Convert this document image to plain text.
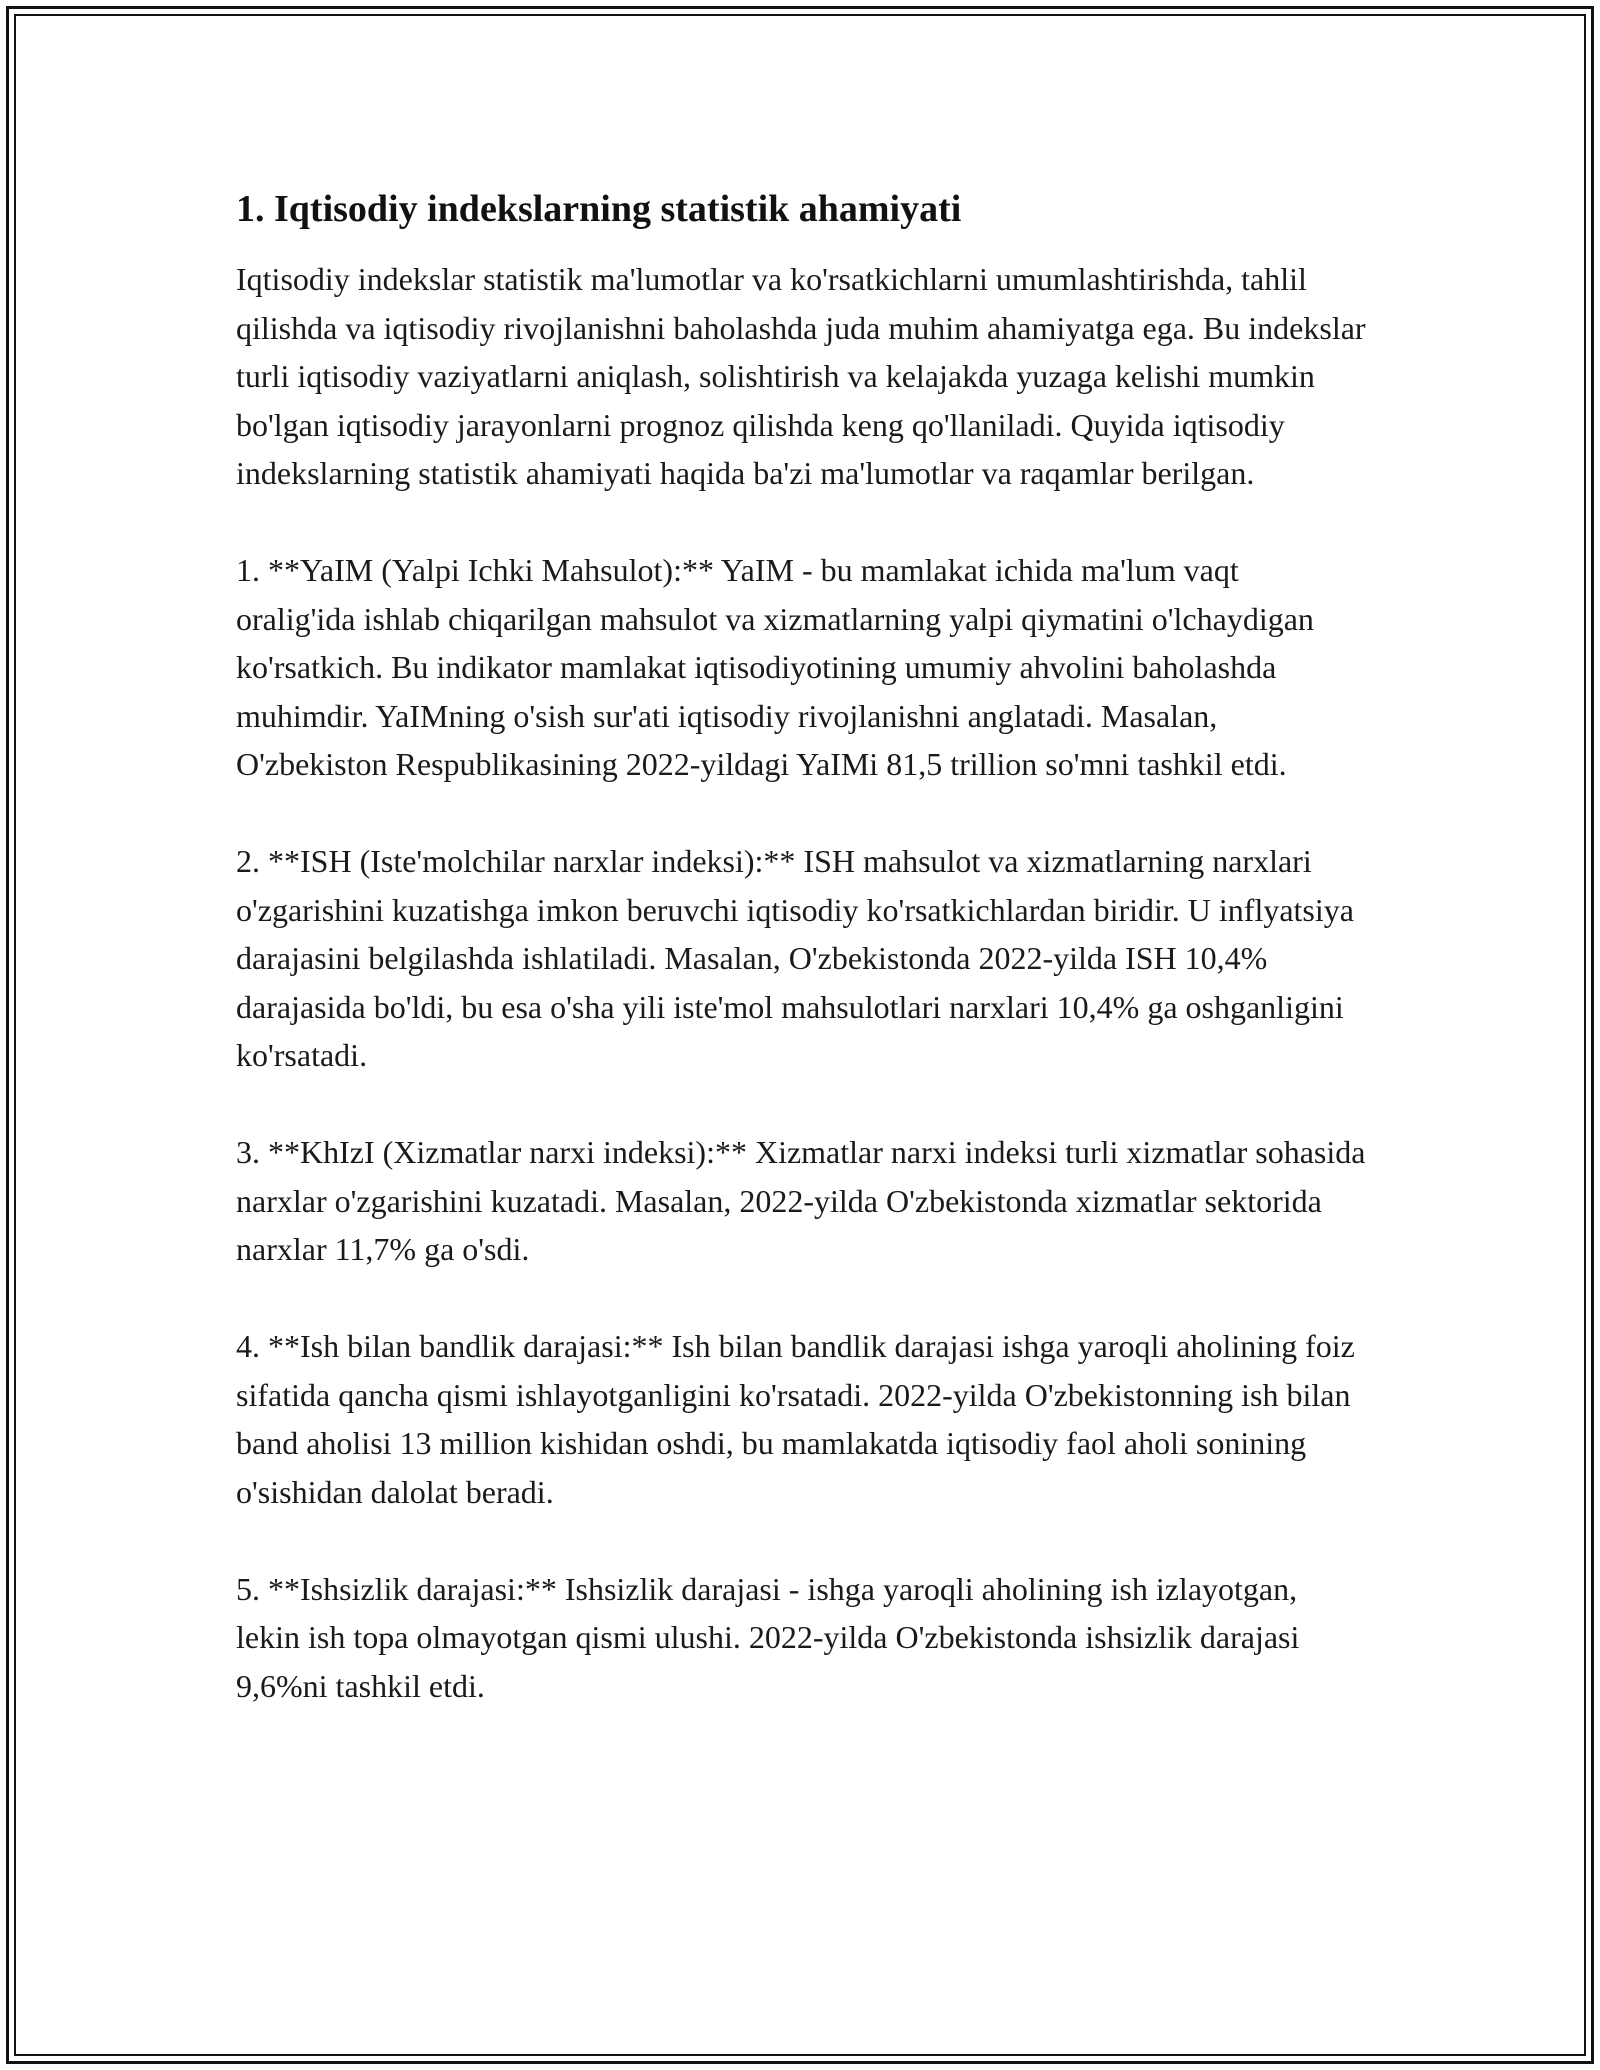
1. Iqtisodiy indekslarning statistik ahamiyati

Iqtisodiy indekslar statistik ma'lumotlar va ko'rsatkichlarni umumlashtirishda, tahlil qilishda va iqtisodiy rivojlanishni baholashda juda muhim ahamiyatga ega. Bu indekslar turli iqtisodiy vaziyatlarni aniqlash, solishtirish va kelajakda yuzaga kelishi mumkin bo'lgan iqtisodiy jarayonlarni prognoz qilishda keng qo'llaniladi. Quyida iqtisodiy indekslarning statistik ahamiyati haqida ba'zi ma'lumotlar va raqamlar berilgan.

1. **YaIM (Yalpi Ichki Mahsulot):** YaIM - bu mamlakat ichida ma'lum vaqt oralig'ida ishlab chiqarilgan mahsulot va xizmatlarning yalpi qiymatini o'lchaydigan ko'rsatkich. Bu indikator mamlakat iqtisodiyotining umumiy ahvolini baholashda muhimdir. YaIMning o'sish sur'ati iqtisodiy rivojlanishni anglatadi. Masalan, O'zbekiston Respublikasining 2022-yildagi YaIMi 81,5 trillion so'mni tashkil etdi.

2. **ISH (Iste'molchilar narxlar indeksi):** ISH mahsulot va xizmatlarning narxlari o'zgarishini kuzatishga imkon beruvchi iqtisodiy ko'rsatkichlardan biridir. U inflyatsiya darajasini belgilashda ishlatiladi. Masalan, O'zbekistonda 2022-yilda ISH 10,4% darajasida bo'ldi, bu esa o'sha yili iste'mol mahsulotlari narxlari 10,4% ga oshganligini ko'rsatadi.

3. **KhIzI (Xizmatlar narxi indeksi):** Xizmatlar narxi indeksi turli xizmatlar sohasida narxlar o'zgarishini kuzatadi. Masalan, 2022-yilda O'zbekistonda xizmatlar sektorida narxlar 11,7% ga o'sdi.

4. **Ish bilan bandlik darajasi:** Ish bilan bandlik darajasi ishga yaroqli aholining foiz sifatida qancha qismi ishlayotganligini ko'rsatadi. 2022-yilda O'zbekistonning ish bilan band aholisi 13 million kishidan oshdi, bu mamlakatda iqtisodiy faol aholi sonining o'sishidan dalolat beradi.

5. **Ishsizlik darajasi:** Ishsizlik darajasi - ishga yaroqli aholining ish izlayotgan, lekin ish topa olmayotgan qismi ulushi. 2022-yilda O'zbekistonda ishsizlik darajasi 9,6%ni tashkil etdi.
